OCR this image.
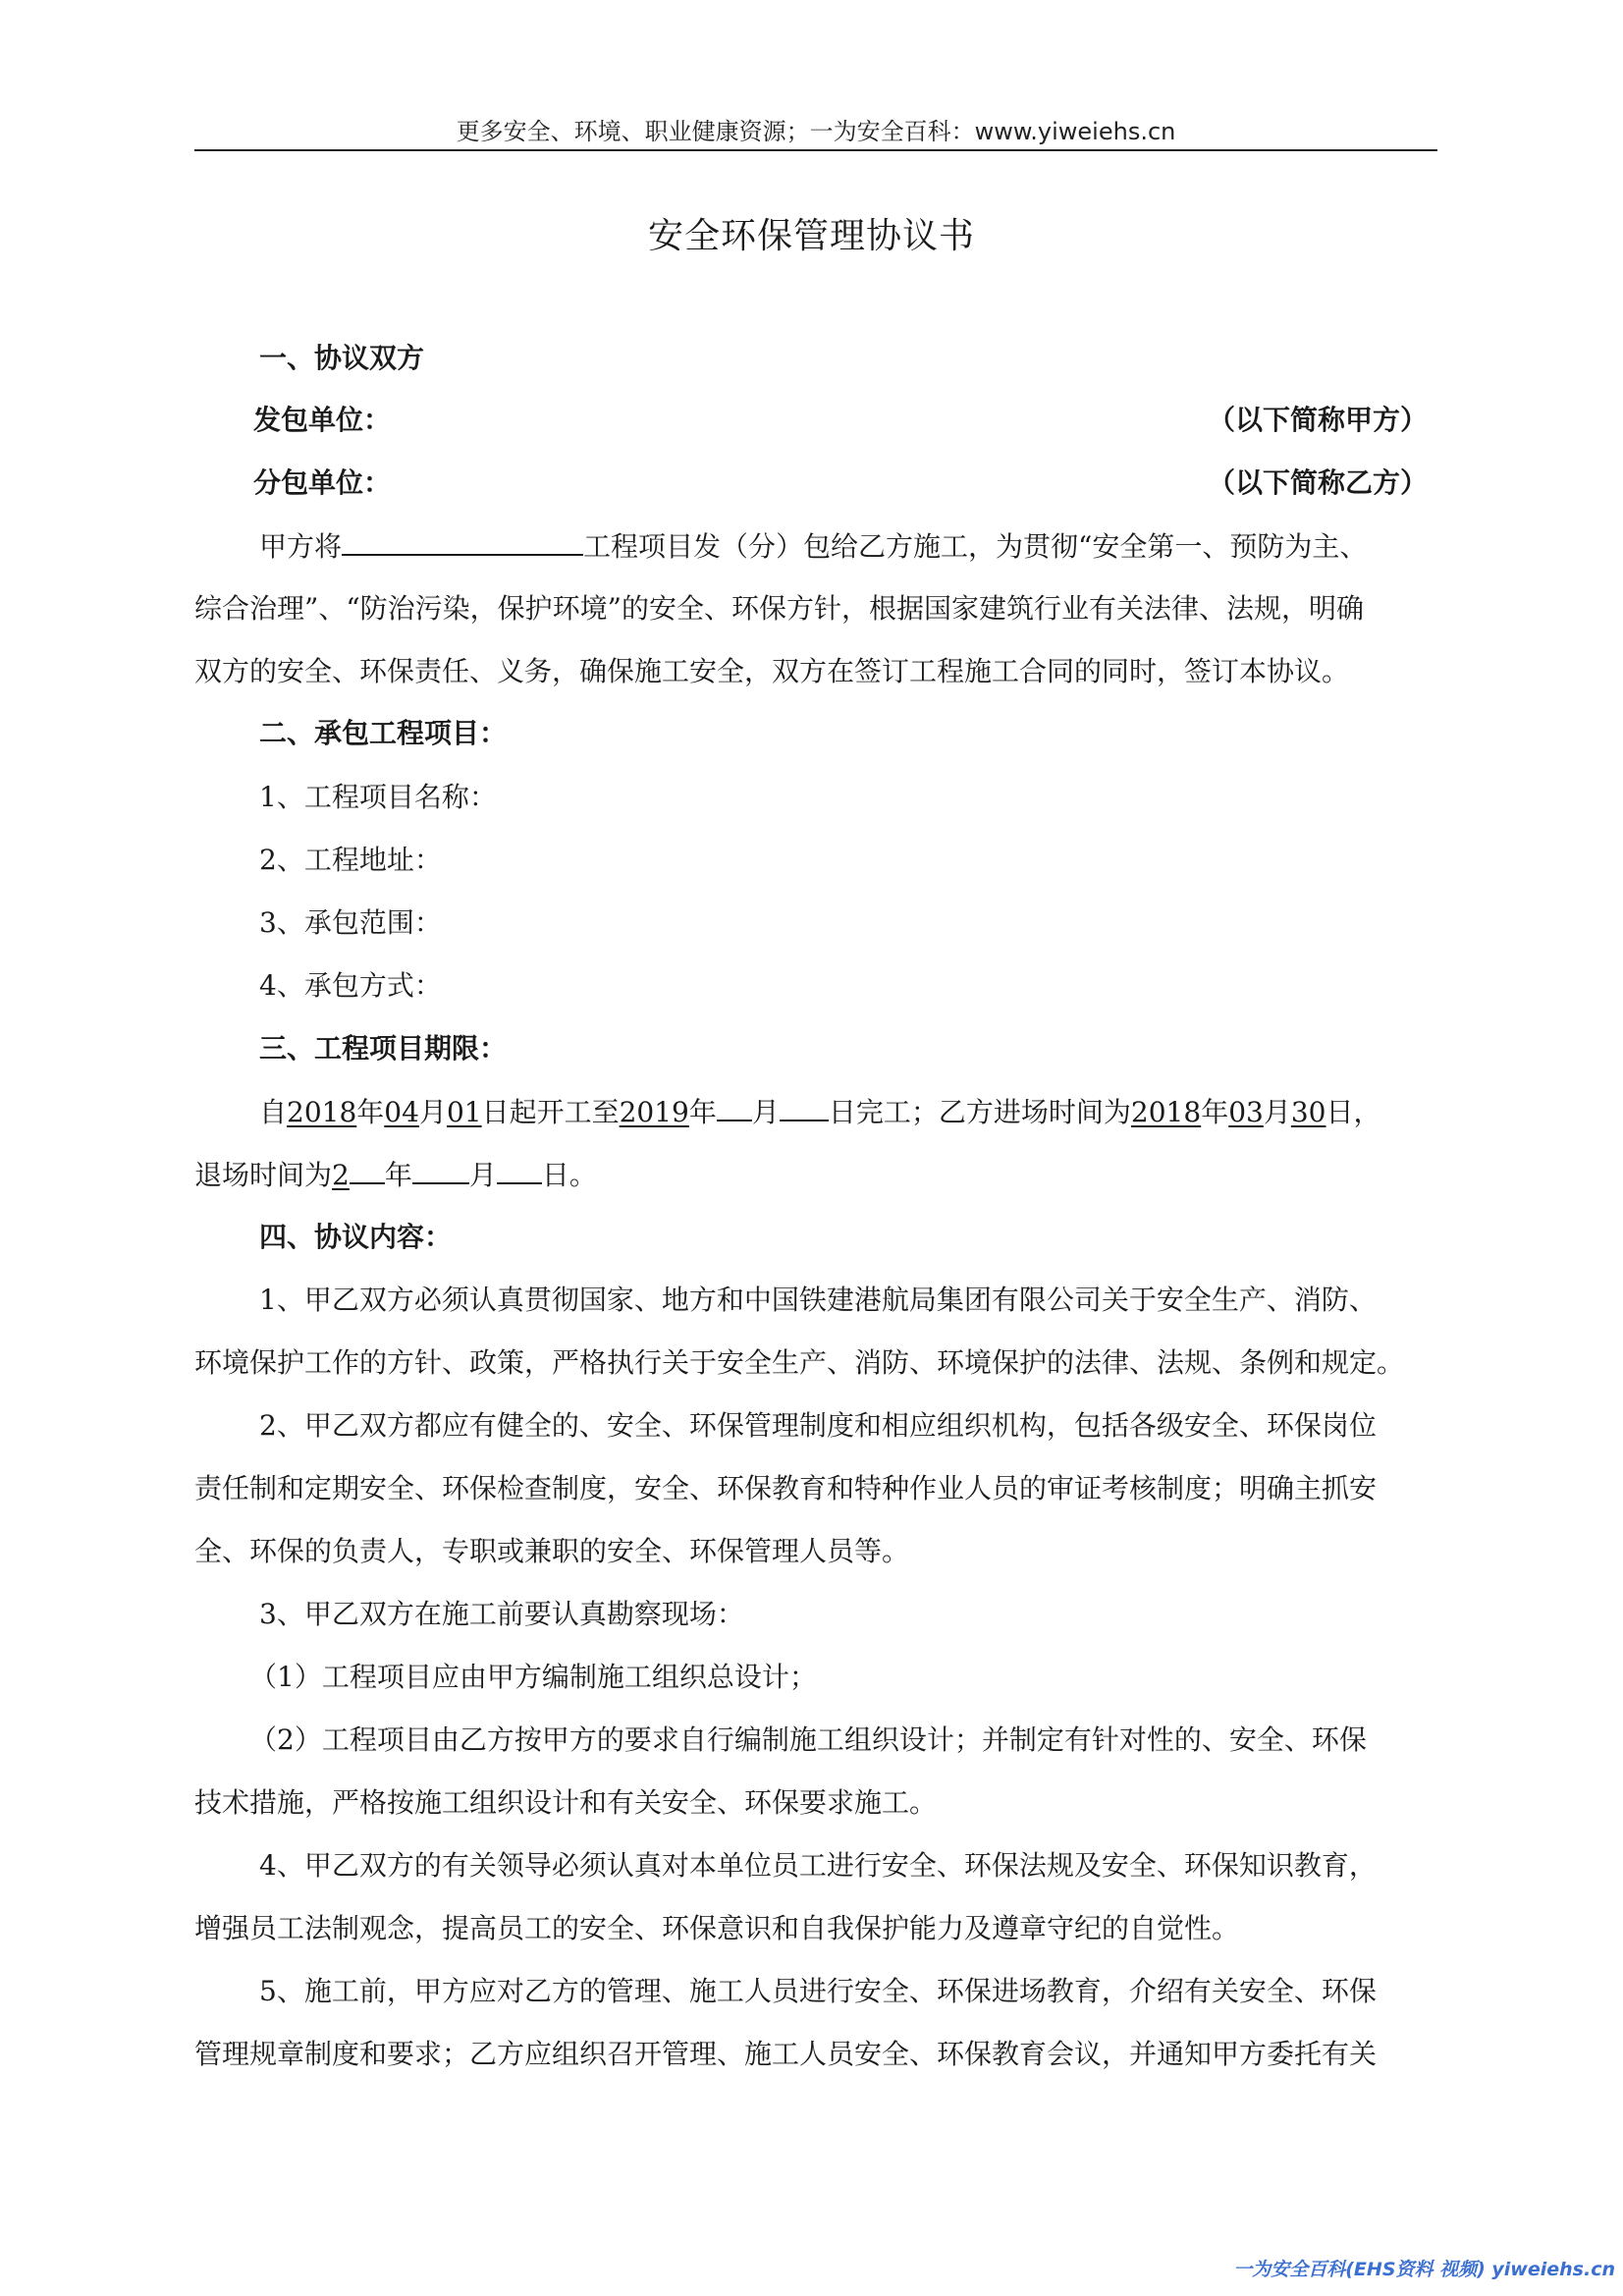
更多安全、环境、职业健康资源；一为安全百科：www.yiweiehs.cn
安全环保管理协议书
一、协议双方
发包单位：	（以下简称甲方）
分包单位：	（以下简称乙方）
甲方将	工程项目发（分）包给乙方施工，为贯彻“安全第一、预防为主、
综合治理”、“防治污染，保护环境”的安全、环保方针，根据国家建筑行业有关法律、法规，明确
双方的安全、环保责任、义务，确保施工安全，双方在签订工程施工合同的同时，签订本协议。
二、承包工程项目：
1、工程项目名称：
2、工程地址：
3、承包范围：
4、承包方式：
三、工程项目期限：
自2018年04月01日起开工至2019年 月 日完工；乙方进场时间为2018年03月30日，
退场时间为2 年 月 日。
四、协议内容：
1、甲乙双方必须认真贯彻国家、地方和中国铁建港航局集团有限公司关于安全生产、消防、
环境保护工作的方针、政策，严格执行关于安全生产、消防、环境保护的法律、法规、条例和规定。
2、甲乙双方都应有健全的、安全、环保管理制度和相应组织机构，包括各级安全、环保岗位
责任制和定期安全、环保检查制度，安全、环保教育和特种作业人员的审证考核制度；明确主抓安
全、环保的负责人，专职或兼职的安全、环保管理人员等。
3、甲乙双方在施工前要认真勘察现场：
（1）工程项目应由甲方编制施工组织总设计；
（2）工程项目由乙方按甲方的要求自行编制施工组织设计；并制定有针对性的、安全、环保
技术措施，严格按施工组织设计和有关安全、环保要求施工。
4、甲乙双方的有关领导必须认真对本单位员工进行安全、环保法规及安全、环保知识教育，
增强员工法制观念，提高员工的安全、环保意识和自我保护能力及遵章守纪的自觉性。
5、施工前，甲方应对乙方的管理、施工人员进行安全、环保进场教育，介绍有关安全、环保
管理规章制度和要求；乙方应组织召开管理、施工人员安全、环保教育会议，并通知甲方委托有关
一为安全百科(EHS资料 视频) yiweiehs.cn
